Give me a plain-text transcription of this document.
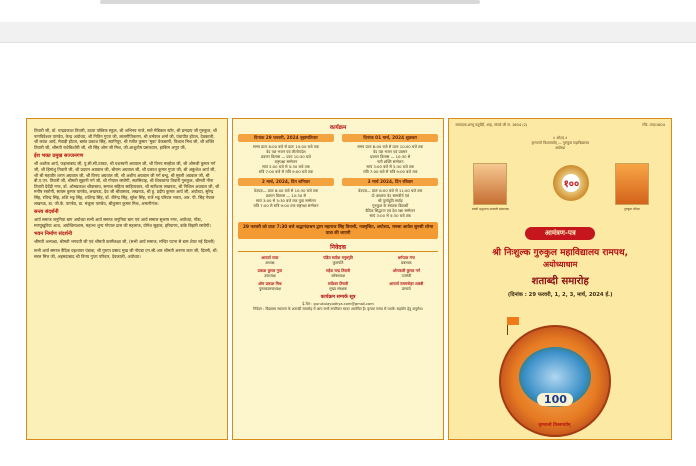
तिवारी जी, डॉ. चन्द्रप्रकाश तिवारी, उदया पब्लिक स्कूल, श्री अभिनव गाजे, सारे मेडिकल स्टोर, श्री प्रमदाय जी गुरुकुल, श्री नागविवेश्वर पाण्डेय, केन्द्र अयोध्या, श्री नितिन गुप्ता जी, लालगीतिकरण, श्री धर्मपाल शर्मा जी, पंचायीत हॉटल, देवकाली, श्री लवंश आर्य, मेवाड़ी होटल, बसंत प्रकाश सिंह, सतनिपुर, श्री रंजीत कुमार 'मुन्ना' वेकबरगी, विशाल मिश्र जी, श्री शक्ति तिवारी जी, श्रीमती राधेकिशोरी जी, श्री सिंह ओम जी मिश्र, जी.आशुतोष प्रसाध्यान, हाकिम अनूप जी,
ईश भक्त प्रमुख सज्जनगण
श्री अशोक आर्य, फहजाबाद जी, पु.सी.सी.ठाकट, श्री यशस्वनी अग्रवाल जी, श्री विनय मल्होत्रा जी, श्री ओमजी कुमार गर्ग जी, श्री हिमांशु तिवारी जी, श्री प्रदयन अग्रवाल जी, श्रीराम अग्रवाल जी, श्री प्रकाश कुमार गुप्ता जी, श्री अकुशेश आर्य जी, श्री श्री महावीर शरण अग्रवाल जी, श्री विनय अग्रवाल जी, श्री अशीष अग्रवाल जी गर्ग बन्धु, श्री मुरली अग्रवाल जी, श्री बी.ए.एन. तिवारी जी, श्रीमती सुहानी गर्ग जी, श्री गोपाल रस्तोगी, सतसिवाह, श्री शिवकान्त तिवारी गुरुकुल, श्रीमती नीना तिवारी देवेंद्री नगर, डॉ. ओमप्रकाश श्रीवास्तव, समाज सहित्य साहित्यकार, श्री सतीश्वर लखनऊ, श्री निशिल अग्रवाल जी, श्री मनीष रस्तोगी, सत्यम कुमार पाण्डेय, लखनऊ, देव जी श्रीवास्तव, लखनऊ, श्री हु. प्रदीप कुमार आर्य जी, अयोध्या, सुरेन्द्र सिंह, रविन्द्र सिंह, शशि भट्ट सिंह, शशिन्द्र सिंह, डॉ. वीरेन्द्र सिंह, सुरेश सिंह, राजे भट्ट परिवार भारत, आर. पी. सिंह नेपाल लखनऊ, डा. जी.के. पाण्डेय, डा. मंजुला पाण्डेय, श्रीकुमार कुमार मिश्र, अमानीगंज।
सन्त्य संदर्शनी
आर्य समाज जनुनिया बाग अयोध्या सभी आर्य समाज जनुनिया बाग एवं आर्य समाज सुभाष नगर, अयोध्या, गोंडा, मणपुखुरिया अत्ठ, अयोधिमाशाम, महाभा शुन्य गोपाल दास जी महाराज, योगेश सुहाल, हरियाणा, डांके बिहारी रस्तोगी।
भवन निर्माण संदर्शनी
श्रीमती अभ्यक्षा, श्रीमती भगवती जी एवं श्रीमती करमेंकक्षा जी, (सभी आर्य समाज, मन्दिर पटना से डाम शेयर नई दिल्ली)
सभी आर्य समाज वैदिक ग्रहशायर पंडाक, श्री गुरुप्त प्रसाद मुख जी नोयडा एन.सी.आर श्रीमती अरुणा लता जी, दिल्ली, श्री. सरल मित्त जी, अहमदाबाद श्री विनय गुप्ता परिवार, देवकाली, अयोध्या।
कार्यक्रम
दिनांक 29 फरवरी, 2024 वृहस्पतिवार
समय प्रातः 8:00 बजे से प्रातः 10:00 बजे तक
वेद यज्ञ भजन एवं लीलोपदेश
प्रवचन विलास — प्रातः 10:30 बजे
राष्ट्रपक्षा सम्मेलन
सायं 3:00 बजे से 5:30 बजे तक
रात्रि 7:00 बजे से रात्रि 9:00 बजे तक
दिनांक 01 मार्च, 2024 शुक्रवार
समय प्रातः 8:00 बजे से प्रातः 10:00 बजे तक
वेद यज्ञ भजन एवं प्रवचन
प्रवचन विलास — 10:30 से
नारी शक्ति सम्मेलन
सायं 3:00 बजे से 5:30 बजे तक
रात्रि 7:00 बजे से रात्रि 9:00 बजे तक
2 मार्च, 2024, दिन शनिवार
वेदयज्ञ— प्रातः 8:00 बजे से 10:30 बजे तक
प्रवचन विलास — 10:30 से
सायं 3:00 से 5:30 बजे तक युवा सम्मेलन
रात्रि 7:00 से रात्रि 9:00 तक राष्ट्ररक्षा सम्मेलन
3 मार्च 2024, दिन रविवार
वेदयज्ञ— प्रातः 8:00 बजे से 11:00 बजे तक
दो आवरण वेद सामवीर्य एवं
श्री पूर्णाहुति सर्वाह
गुरुकुल के स्नातक विद्यार्थी
वैदिक सिद्धान्त एवं देश रक्षा सम्मेलन
सायं 3:00 से 5:30 बजे तक
29 फरवरी को प्रातः 7:30 बजे श्रद्धानंदाश्रम द्वारा महाराज सिंह विरासी, नवसृजित, अयोध्या, रामसा आवेश सुनसी शोभा यात्रा की जाएगी
निवेदक
आचार्य राजा
अध्यक्ष
पंडित सतीश मनुस्मृति
कुलपति
धर्मपाल गंगा
प्रबन्धक
प्रकाश कुमार गुप्त
उपाध्यक्ष
महेश चन्द्र तिवारी
कोषाध्यक्ष
ओमकारी कुमार गर्ग
उपमंत्री
ओम प्रकाश मिश्र
पुस्तकालयाध्यक्ष
सर्वेश्वर तिवारी
मुख्य संरक्षक
आचार्य राममनोहर शास्त्री
प्राचार्य
कार्यक्रम सम्पर्क सूत्र
ई-मेल : gurukulayodhya.com@gmail.com
निवेदन : विद्यालय स्थापना के शताब्दी समारोह में आप सभी सपरिवार सादर आमंत्रित हैं। कृपया समय से पधारें। सहयोग हेतु अनुरोध।
सम्पादक-शम्भू चतुर्वेदी, शाह, संपर्क जी सं. 1804 (2)	रजि.-पत्रा/1804
॥ ओ३म् ॥
कृण्वन्तो विश्वमार्यम् — गुरुकुल महाविद्यालय
अयोध्या
स्वामी श्रद्धानन्द सरस्वती संस्थापक
१००
गुरुकुल परिसर
आमंत्रण-पत्र
श्री निःशुल्क गुरुकुल महाविद्यालय रामपथ,
अयोध्याधाम
शताब्दी समारोह
(दिनांक : 29 फरवरी, 1, 2, 3, मार्च, 2024 ई.)
100
कृण्वन्तो विश्वमार्यम्
